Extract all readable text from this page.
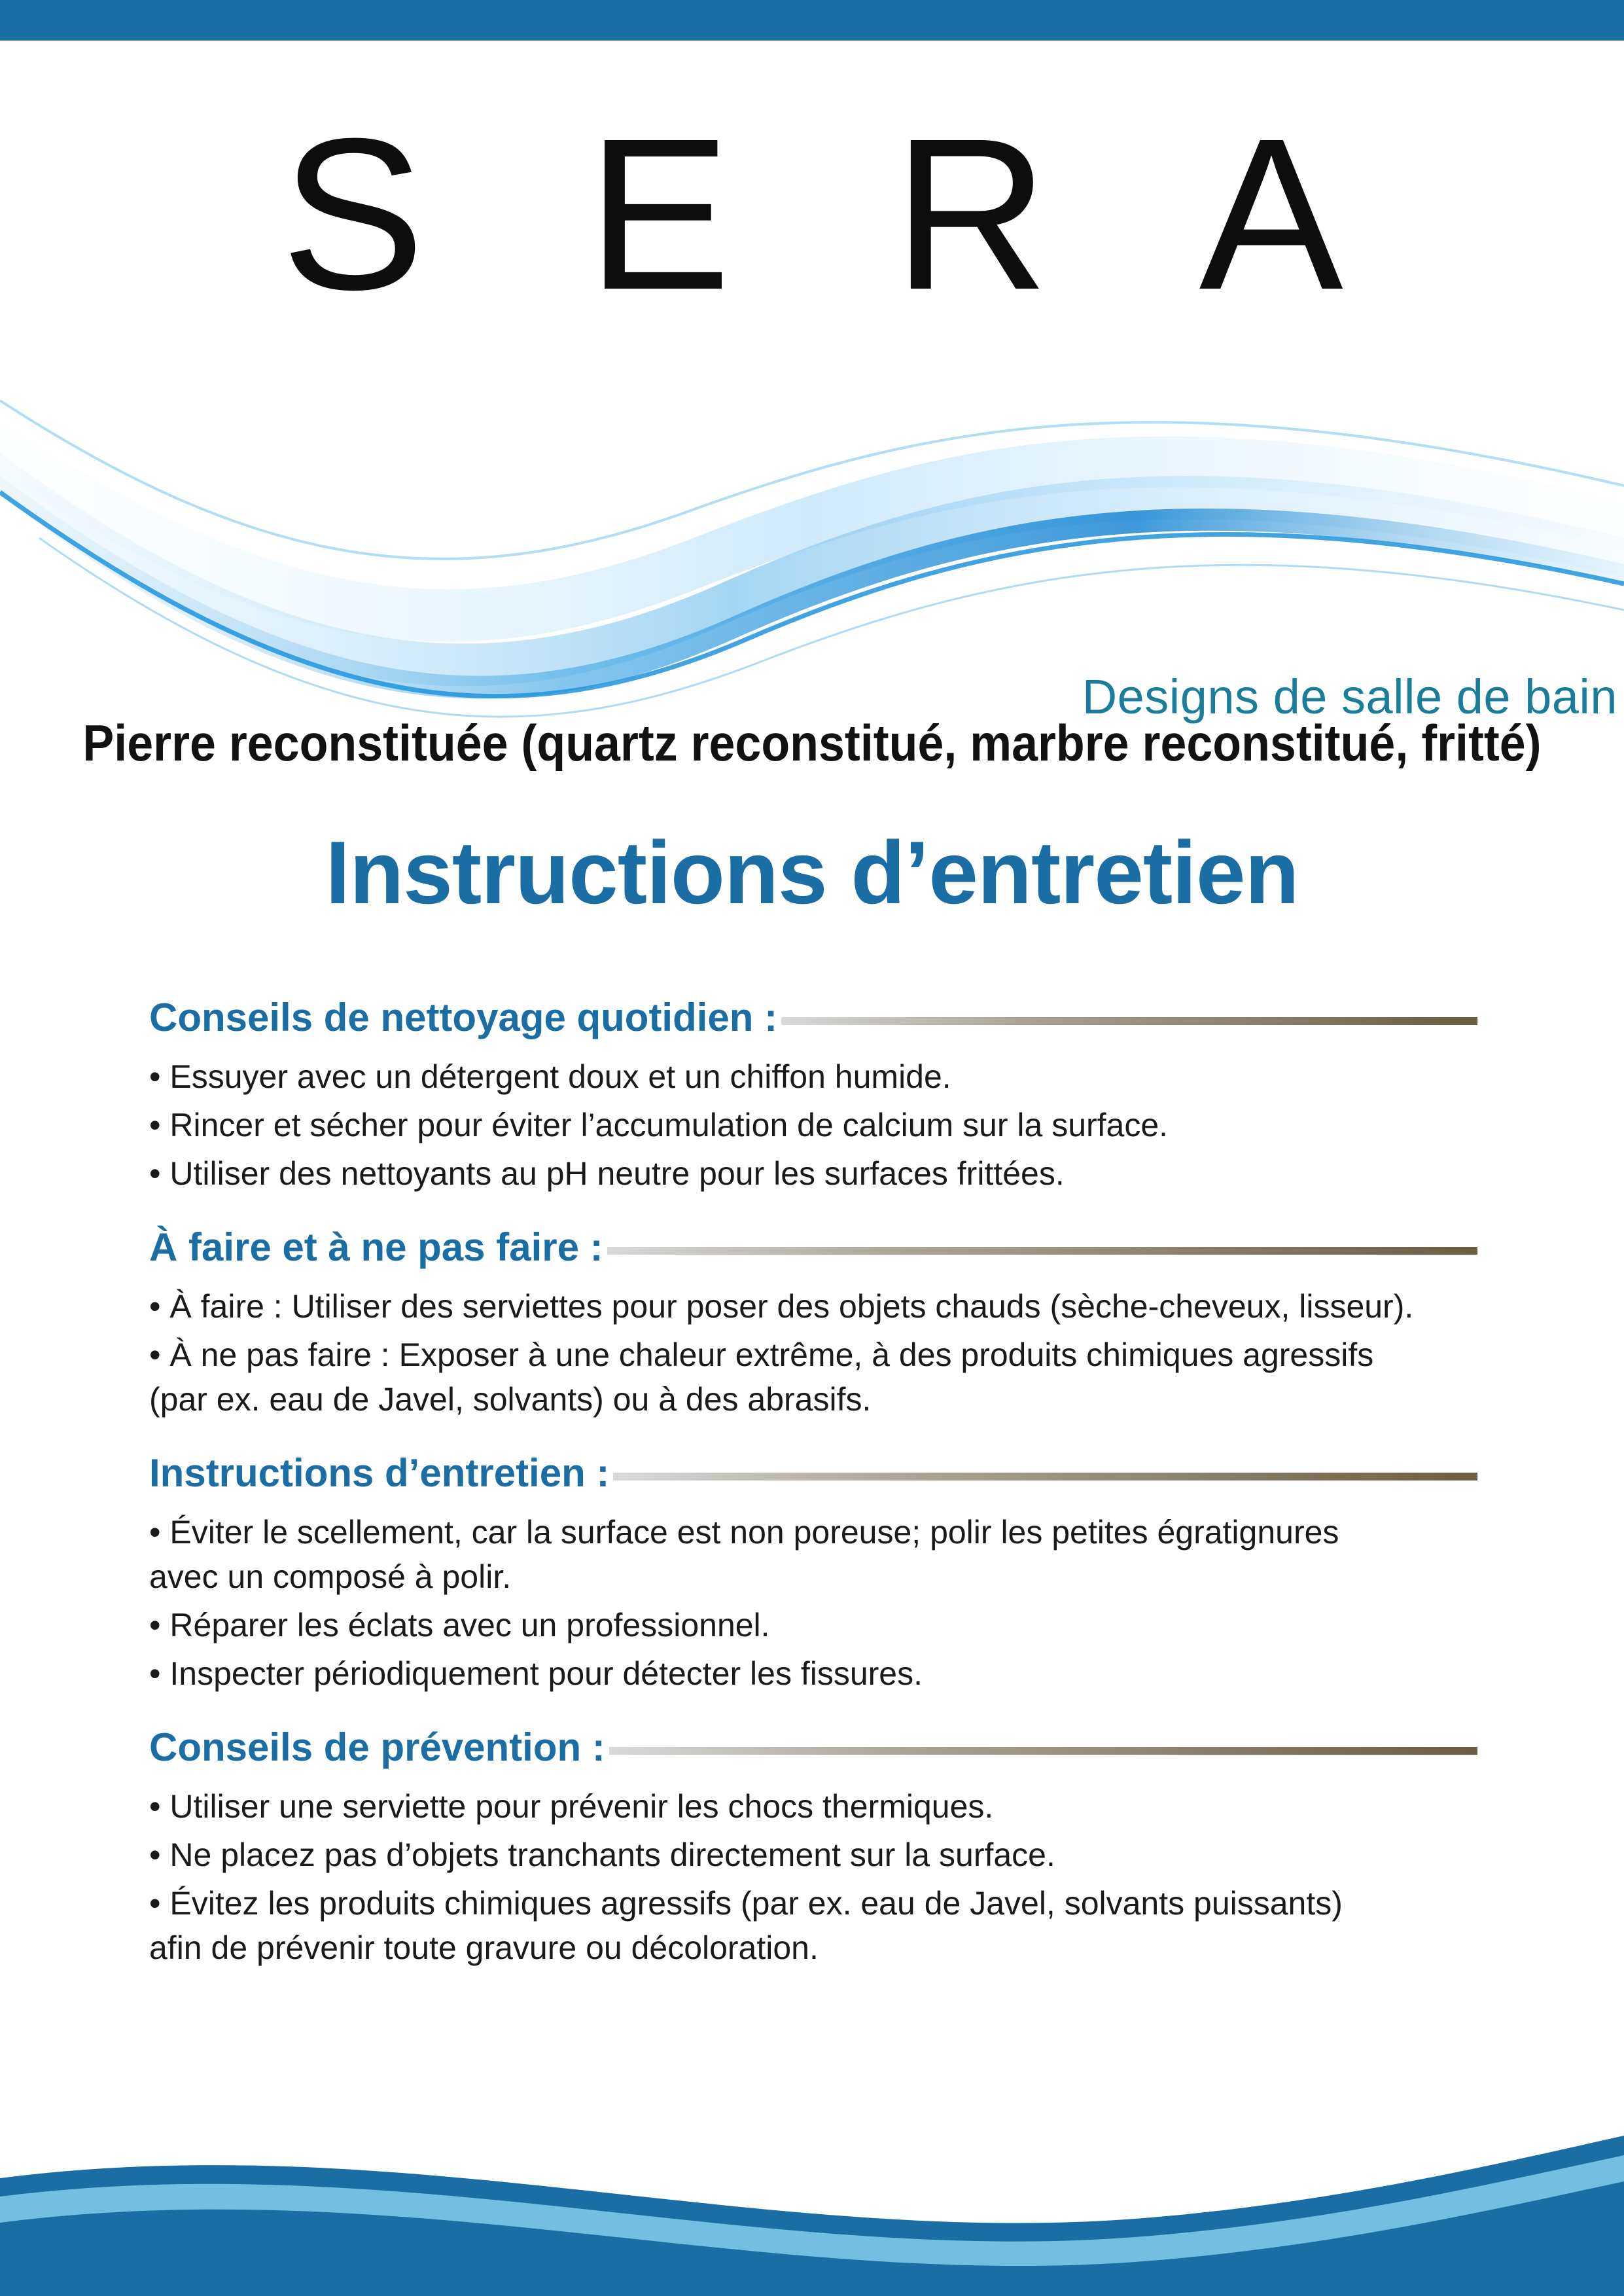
S E R A
Designs de salle de bain
Pierre reconstituée (quartz reconstitué, marbre reconstitué, fritté)
Instructions d’entretien
Conseils de nettoyage quotidien :

• Essuyer avec un détergent doux et un chiffon humide.

• Rincer et sécher pour éviter l’accumulation de calcium sur la surface.

• Utiliser des nettoyants au pH neutre pour les surfaces frittées.

À faire et à ne pas faire :

• À faire : Utiliser des serviettes pour poser des objets chauds (sèche-cheveux, lisseur).

• À ne pas faire : Exposer à une chaleur extrême, à des produits chimiques agressifs
(par ex. eau de Javel, solvants) ou à des abrasifs.

Instructions d’entretien :

• Éviter le scellement, car la surface est non poreuse; polir les petites égratignures
avec un composé à polir.

• Réparer les éclats avec un professionnel.

• Inspecter périodiquement pour détecter les fissures.

Conseils de prévention :

• Utiliser une serviette pour prévenir les chocs thermiques.

• Ne placez pas d’objets tranchants directement sur la surface.

• Évitez les produits chimiques agressifs (par ex. eau de Javel, solvants puissants)
afin de prévenir toute gravure ou décoloration.
